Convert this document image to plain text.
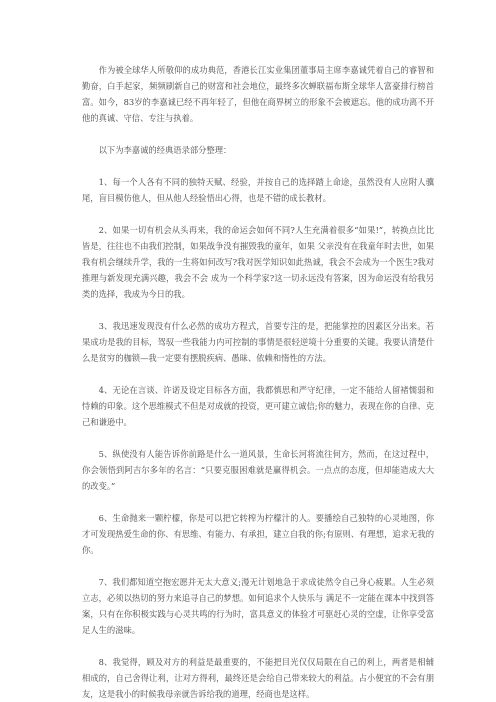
作为被全球华人所敬仰的成功典范，香港长江实业集团董事局主席李嘉诚凭着自己的睿智和勤奋，白手起家，频频刷新自己的财富和社会地位，最终多次蝉联福布斯全球华人富豪排行榜首富。如今，83岁的李嘉诚已经不再年轻了，但他在商界树立的形象不会被遮忘。他的成功离不开他的真诚、守信、专注与执着。

以下为李嘉诚的经典语录部分整理：

1、每一个人各有不同的独特天赋、经验，并按自己的选择踏上命途，虽然没有人应附人骥尾，盲目模仿他人，但从他人经验悟出心得，也是不错的成长教材。

2、如果一切有机会从头再来，我的命运会如何不同?人生充满着很多“如果!”，转换点比比皆是，往往也不由我们控制，如果战争没有摧毁我的童年，如果 父亲没有在我童年时去世，如果我有机会继续升学，我的一生将如何改写?我对医学知识如此热诚，我会不会成为一个医生?我对推理与新发现充满兴趣，我会不会 成为一个科学家?这一切永远没有答案，因为命运没有给我另类的选择，我成为今日的我。

3、我迅速发现没有什么必然的成功方程式，首要专注的是，把能掌控的因素区分出来。若果成功是我的目标，驾驭一些我能力内可控制的事情是很轻逆境十分重要的关键。我要认清楚什么是贫穷的枷锁—我一定要有摆脱疾病、愚昧、依赖和惰性的方法。

4、无论在言谈、许诺及设定目标各方面，我都慎思和严守纪律，一定不能给人留褚懦弱和恃赖的印象。这个思维模式不但是对成就的投资，更可建立诚信;你的魅力，表现在你的自律、克己和谦逊中。

5、纵使没有人能告诉你前路是什么一道风景，生命长河将流往何方，然而，在这过程中，你会领悟到阿吉尔多年的名言：“只要克服困难就是赢得机会。一点点的态度，但却能造成大大的改变。”

6、生命抛来一颗柠檬，你是可以把它转榨为柠檬汁的人。要播绘自己独特的心灵地图，你才可发现热爱生命的你、有思维、有能力、有承担，建立自我的你;有原则、有理想，追求无我的你。

7、我们都知道空抱宏愿并无太大意义;漫无计划地急于求成徒然令自己身心疲累。人生必须立志，必须以热切的努力来追寻自己的梦想。如何追求个人快乐与 满足不一定能在课本中找到答案，只有在你积极实践与心灵共鸣的行为时，富具意义的体验才可驱赶心灵的空虚，让你享受富足人生的滋味。

8、我觉得，顾及对方的利益是最重要的，不能把目光仅仅局限在自己的利上，两者是相辅相成的，自己舍得让利，让对方得利，最终还是会给自己带来较大的利益。占小便宜的不会有朋友，这是我小的时候我母亲就告诉给我的道理，经商也是这样。
